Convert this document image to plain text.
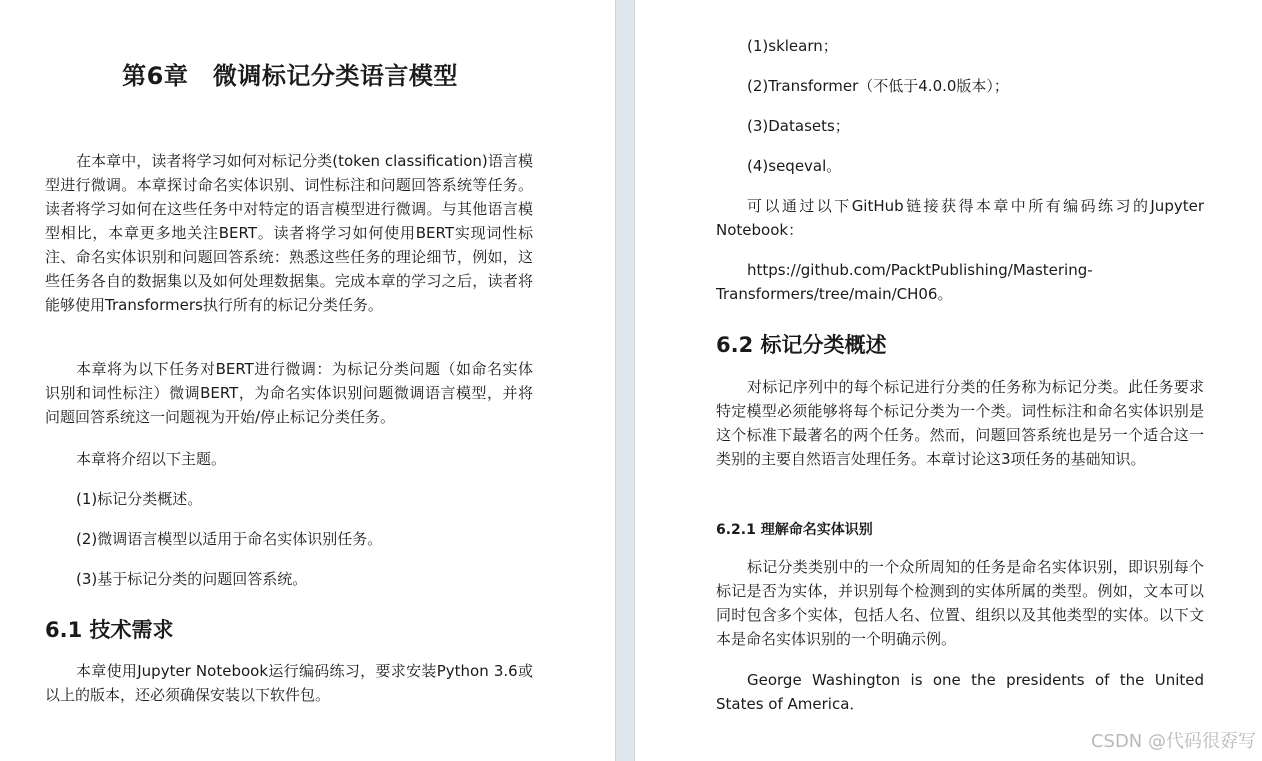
第6章　微调标记分类语言模型

在本章中，读者将学习如何对标记分类(token classification)语言模型进行微调。本章探讨命名实体识别、词性标注和问题回答系统等任务。读者将学习如何在这些任务中对特定的语言模型进行微调。与其他语言模型相比，本章更多地关注BERT。读者将学习如何使用BERT实现词性标注、命名实体识别和问题回答系统：熟悉这些任务的理论细节，例如，这些任务各自的数据集以及如何处理数据集。完成本章的学习之后，读者将能够使用Transformers执行所有的标记分类任务。

本章将为以下任务对BERT进行微调：为标记分类问题（如命名实体识别和词性标注）微调BERT，为命名实体识别问题微调语言模型，并将问题回答系统这一问题视为开始/停止标记分类任务。

本章将介绍以下主题。

(1)标记分类概述。

(2)微调语言模型以适用于命名实体识别任务。

(3)基于标记分类的问题回答系统。

6.1 技术需求

本章使用Jupyter Notebook运行编码练习，要求安装Python 3.6或以上的版本，还必须确保安装以下软件包。

(1)sklearn；

(2)Transformer（不低于4.0.0版本）；

(3)Datasets；

(4)seqeval。

可以通过以下GitHub链接获得本章中所有编码练习的Jupyter Notebook：

https://github.com/PacktPublishing/Mastering-Transformers/tree/main/CH06。

6.2 标记分类概述

对标记序列中的每个标记进行分类的任务称为标记分类。此任务要求特定模型必须能够将每个标记分类为一个类。词性标注和命名实体识别是这个标准下最著名的两个任务。然而，问题回答系统也是另一个适合这一类别的主要自然语言处理任务。本章讨论这3项任务的基础知识。

6.2.1 理解命名实体识别

标记分类类别中的一个众所周知的任务是命名实体识别，即识别每个标记是否为实体，并识别每个检测到的实体所属的类型。例如，文本可以同时包含多个实体，包括人名、位置、组织以及其他类型的实体。以下文本是命名实体识别的一个明确示例。

George Washington is one the presidents of the United States of America．

CSDN @代码很孬写
